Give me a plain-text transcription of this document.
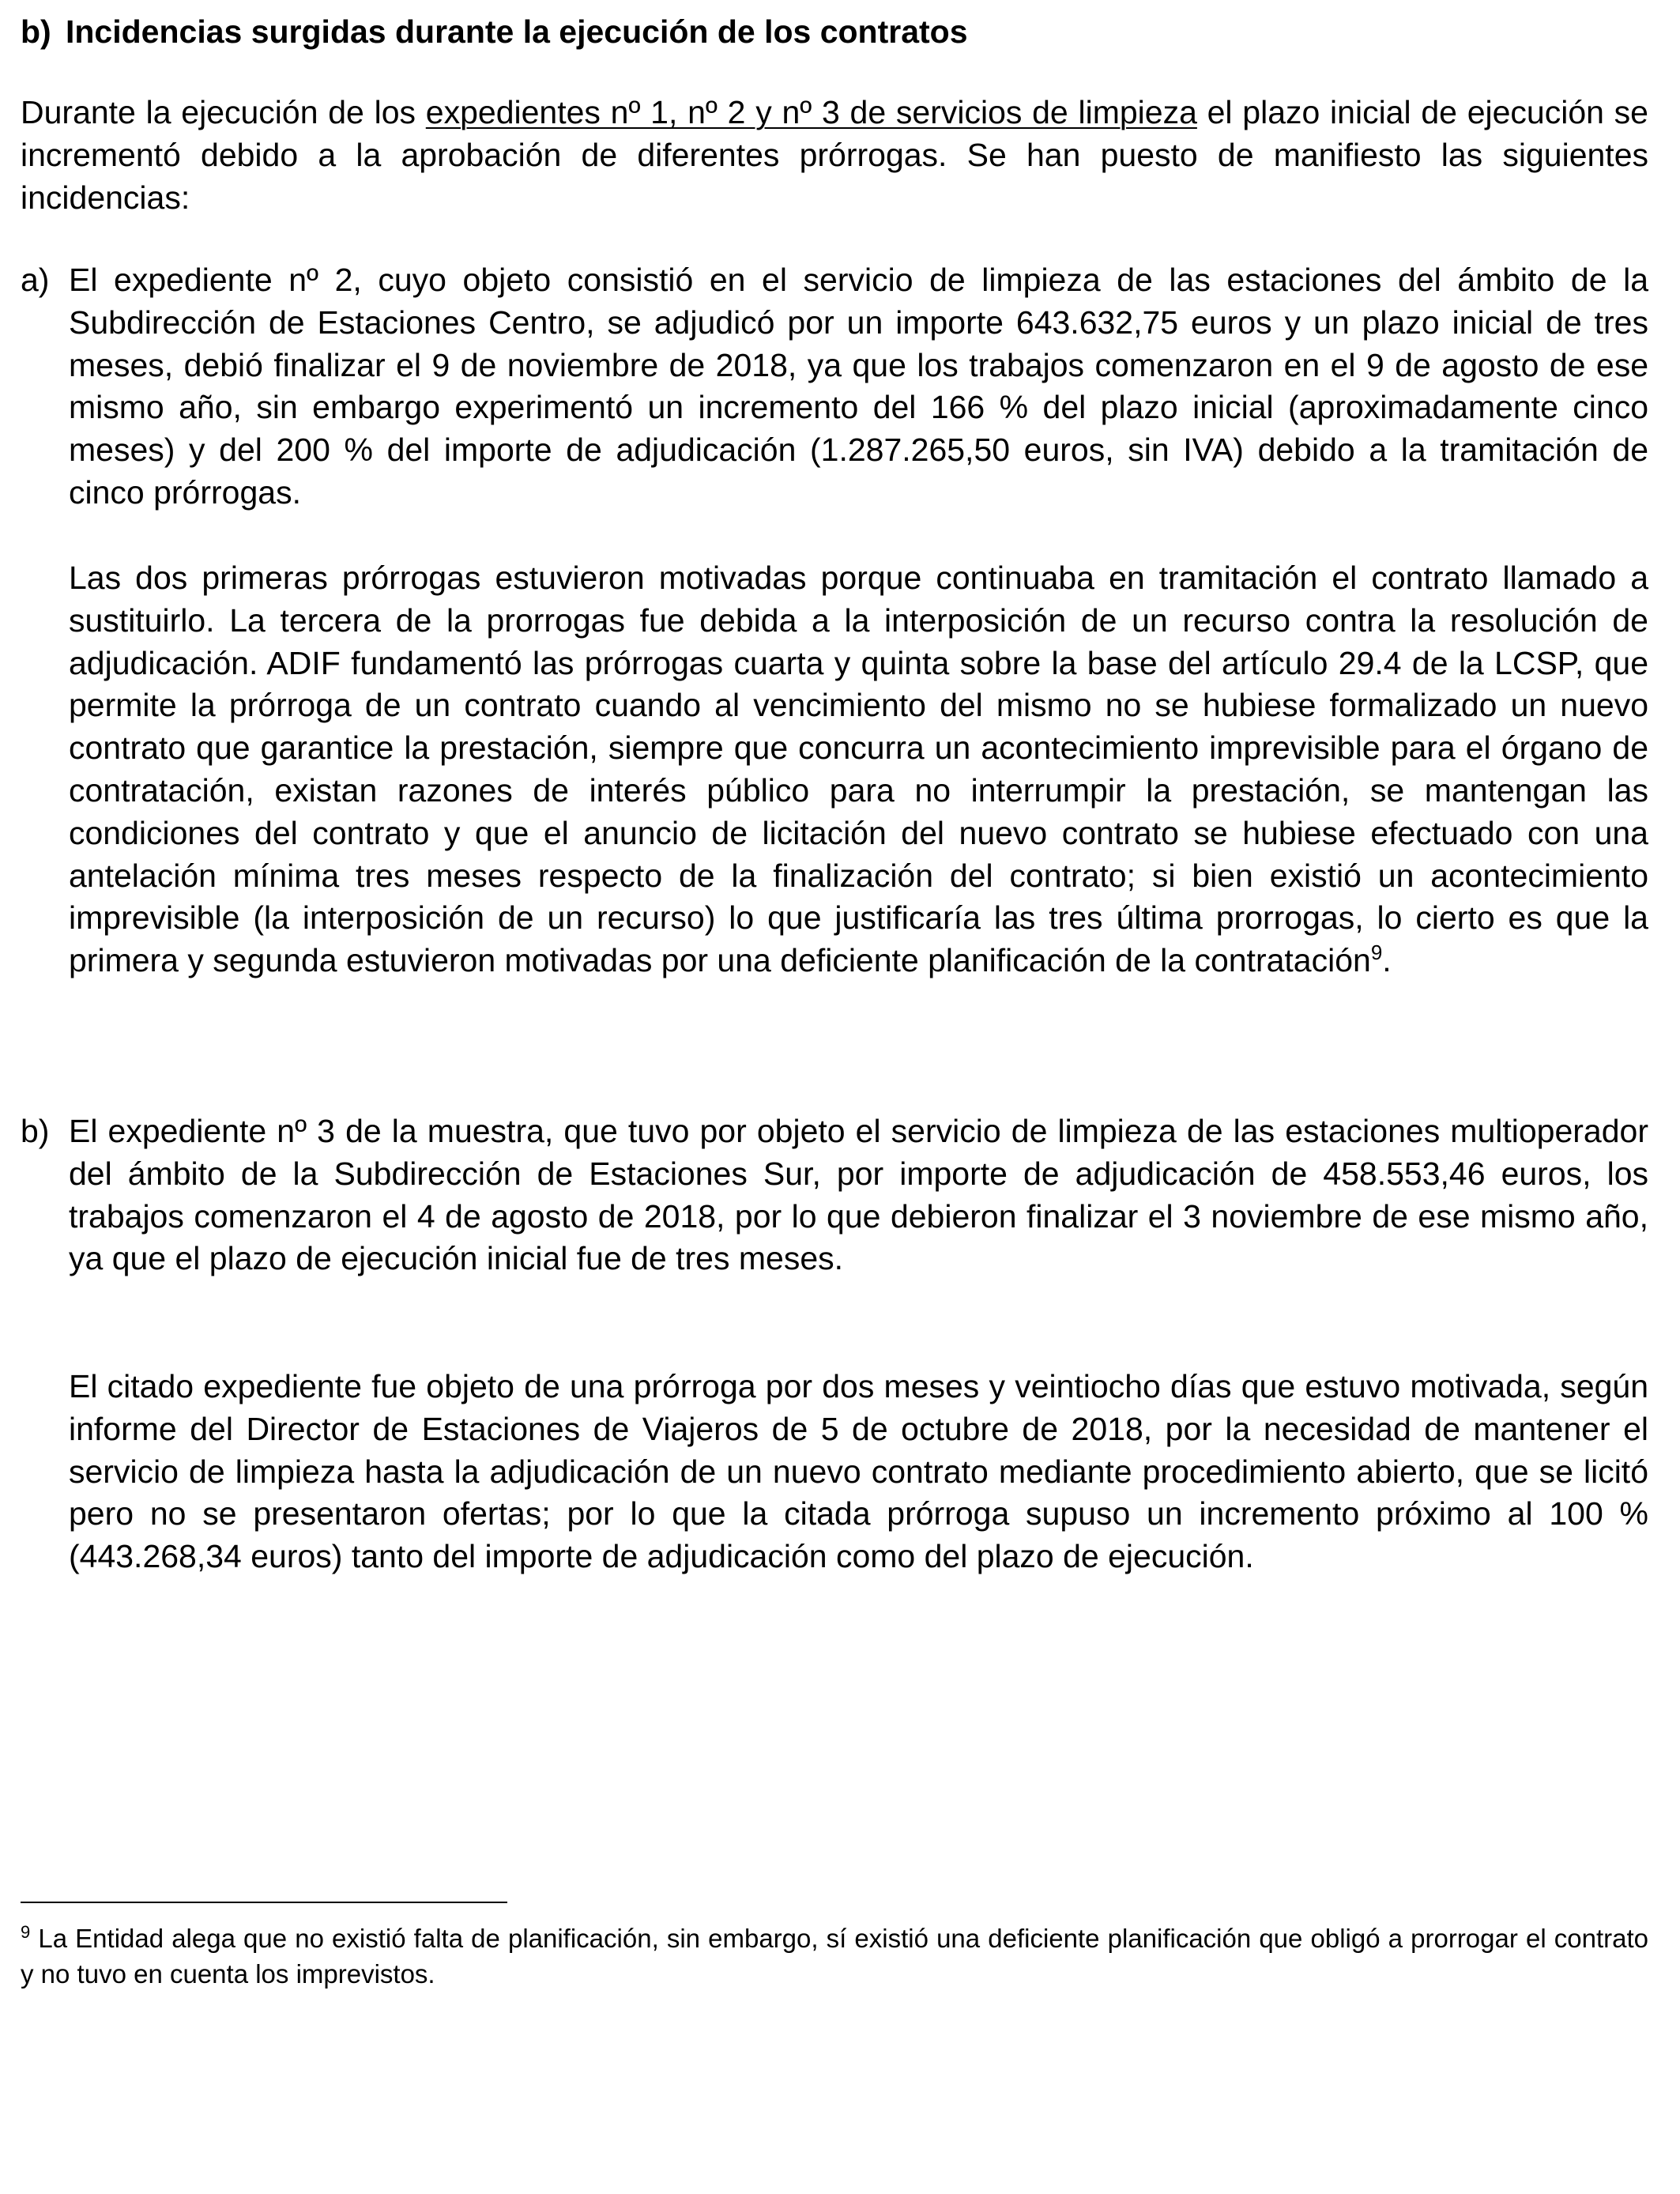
b) Incidencias surgidas durante la ejecución de los contratos

Durante la ejecución de los expedientes nº 1, nº 2 y nº 3 de servicios de limpieza el plazo inicial de ejecución se incrementó debido a la aprobación de diferentes prórrogas. Se han puesto de manifiesto las siguientes incidencias:

a) El expediente nº 2, cuyo objeto consistió en el servicio de limpieza de las estaciones del ámbito de la Subdirección de Estaciones Centro, se adjudicó por un importe 643.632,75 euros y un plazo inicial de tres meses, debió finalizar el 9 de noviembre de 2018, ya que los trabajos comenzaron en el 9 de agosto de ese mismo año, sin embargo experimentó un incremento del 166 % del plazo inicial (aproximadamente cinco meses) y del 200 % del importe de adjudicación (1.287.265,50 euros, sin IVA) debido a la tramitación de cinco prórrogas.

Las dos primeras prórrogas estuvieron motivadas porque continuaba en tramitación el contrato llamado a sustituirlo. La tercera de la prorrogas fue debida a la interposición de un recurso contra la resolución de adjudicación. ADIF fundamentó las prórrogas cuarta y quinta sobre la base del artículo 29.4 de la LCSP, que permite la prórroga de un contrato cuando al vencimiento del mismo no se hubiese formalizado un nuevo contrato que garantice la prestación, siempre que concurra un acontecimiento imprevisible para el órgano de contratación, existan razones de interés público para no interrumpir la prestación, se mantengan las condiciones del contrato y que el anuncio de licitación del nuevo contrato se hubiese efectuado con una antelación mínima tres meses respecto de la finalización del contrato; si bien existió un acontecimiento imprevisible (la interposición de un recurso) lo que justificaría las tres última prorrogas, lo cierto es que la primera y segunda estuvieron motivadas por una deficiente planificación de la contratación$^9$.

b) El expediente nº 3 de la muestra, que tuvo por objeto el servicio de limpieza de las estaciones multioperador del ámbito de la Subdirección de Estaciones Sur, por importe de adjudicación de 458.553,46 euros, los trabajos comenzaron el 4 de agosto de 2018, por lo que debieron finalizar el 3 noviembre de ese mismo año, ya que el plazo de ejecución inicial fue de tres meses.

El citado expediente fue objeto de una prórroga por dos meses y veintiocho días que estuvo motivada, según informe del Director de Estaciones de Viajeros de 5 de octubre de 2018, por la necesidad de mantener el servicio de limpieza hasta la adjudicación de un nuevo contrato mediante procedimiento abierto, que se licitó pero no se presentaron ofertas; por lo que la citada prórroga supuso un incremento próximo al 100 % (443.268,34 euros) tanto del importe de adjudicación como del plazo de ejecución.

$^9$ La Entidad alega que no existió falta de planificación, sin embargo, sí existió una deficiente planificación que obligó a prorrogar el contrato y no tuvo en cuenta los imprevistos.
